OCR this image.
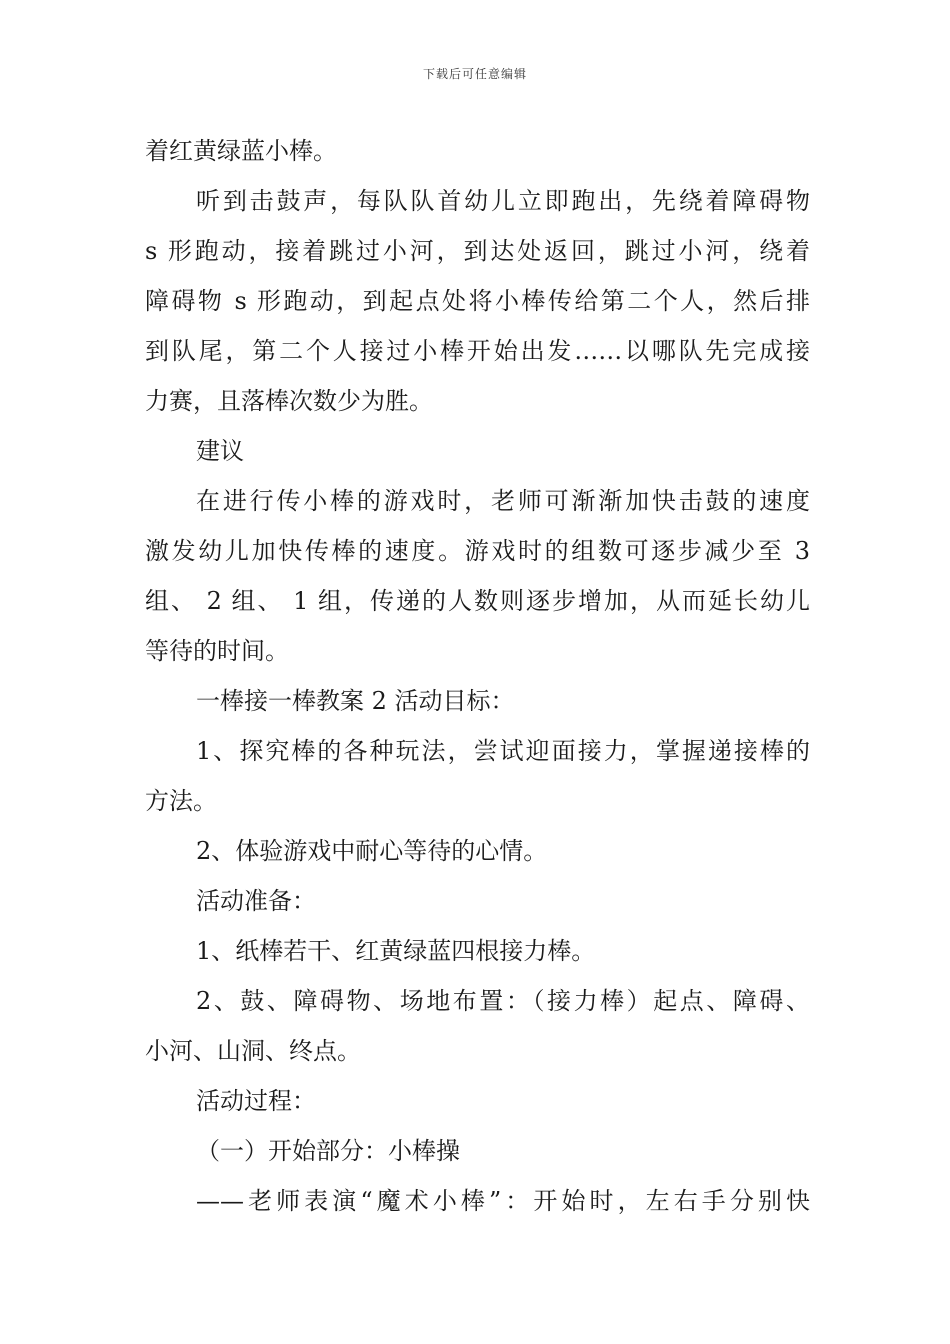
下载后可任意编辑
着红黄绿蓝小棒。
听到击鼓声，每队队首幼儿立即跑出，先绕着障碍物
s 形跑动，接着跳过小河，到达处返回，跳过小河，绕着
障碍物 s 形跑动，到起点处将小棒传给第二个人，然后排
到队尾，第二个人接过小棒开始出发……以哪队先完成接
力赛，且落棒次数少为胜。
建议
在进行传小棒的游戏时，老师可渐渐加快击鼓的速度
激发幼儿加快传棒的速度。游戏时的组数可逐步减少至 3
组、 2 组、 1 组，传递的人数则逐步增加，从而延长幼儿
等待的时间。
一棒接一棒教案 2 活动目标：
1、探究棒的各种玩法，尝试迎面接力，掌握递接棒的
方法。
2、体验游戏中耐心等待的心情。
活动准备：
1、纸棒若干、红黄绿蓝四根接力棒。
2、鼓、障碍物、场地布置：（接力棒）起点、障碍、
小河、山洞、终点。
活动过程：
（一）开始部分：小棒操
——老师表演“魔术小棒”：开始时，左右手分别快
